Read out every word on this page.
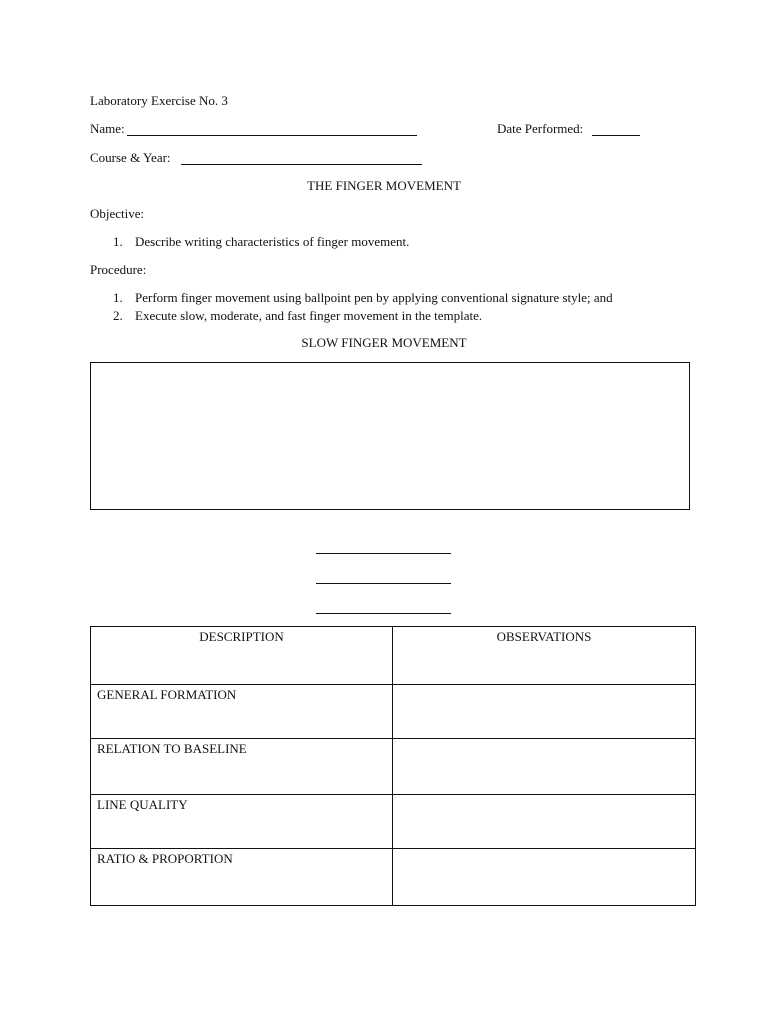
Laboratory Exercise No. 3
Name:	Date Performed:
Course & Year:
THE FINGER MOVEMENT
Objective:
1. Describe writing characteristics of finger movement.
Procedure:
1. Perform finger movement using ballpoint pen by applying conventional signature style; and
2. Execute slow, moderate, and fast finger movement in the template.
SLOW FINGER MOVEMENT
DESCRIPTION	OBSERVATIONS
GENERAL FORMATION	
RELATION TO BASELINE	
LINE QUALITY	
RATIO & PROPORTION	
